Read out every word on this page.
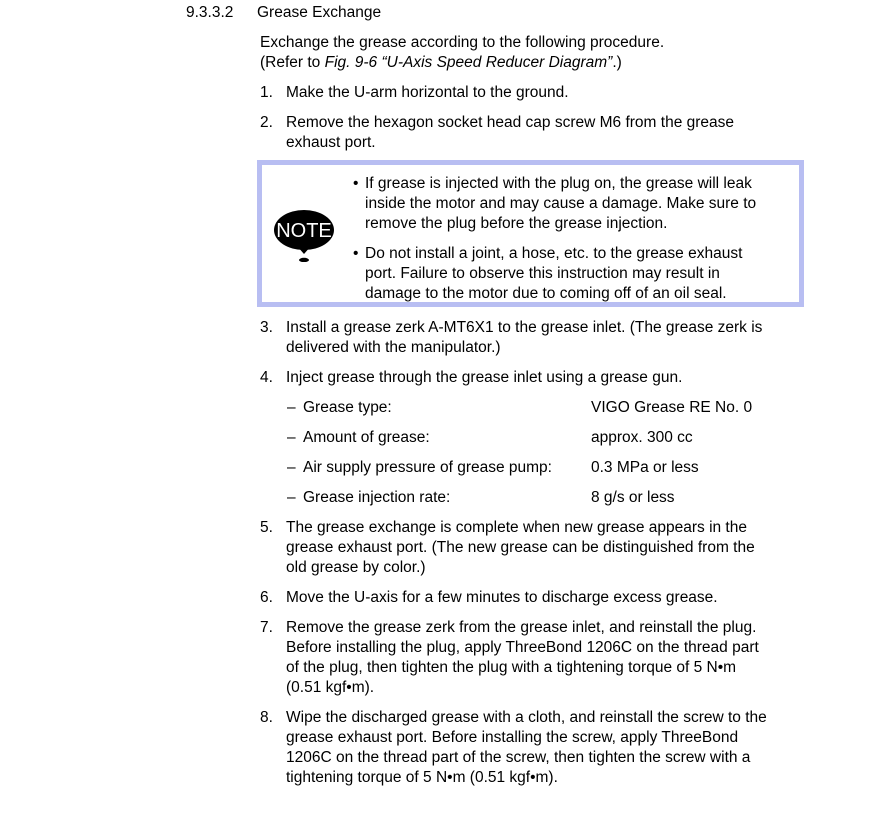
9.3.3.2 Grease Exchange
Exchange the grease according to the following procedure.
(Refer to Fig. 9-6 “U-Axis Speed Reducer Diagram”.)
1. Make the U-arm horizontal to the ground.
2. Remove the hexagon socket head cap screw M6 from the grease
exhaust port.
NOTE
• If grease is injected with the plug on, the grease will leak
inside the motor and may cause a damage. Make sure to
remove the plug before the grease injection.
• Do not install a joint, a hose, etc. to the grease exhaust
port. Failure to observe this instruction may result in
damage to the motor due to coming off of an oil seal.
3. Install a grease zerk A-MT6X1 to the grease inlet. (The grease zerk is
delivered with the manipulator.)
4. Inject grease through the grease inlet using a grease gun.
– Grease type:	VIGO Grease RE No. 0
– Amount of grease:	approx. 300 cc
– Air supply pressure of grease pump:	0.3 MPa or less
– Grease injection rate:	8 g/s or less
5. The grease exchange is complete when new grease appears in the
grease exhaust port. (The new grease can be distinguished from the
old grease by color.)
6. Move the U-axis for a few minutes to discharge excess grease.
7. Remove the grease zerk from the grease inlet, and reinstall the plug.
Before installing the plug, apply ThreeBond 1206C on the thread part
of the plug, then tighten the plug with a tightening torque of 5 N•m
(0.51 kgf•m).
8. Wipe the discharged grease with a cloth, and reinstall the screw to the
grease exhaust port. Before installing the screw, apply ThreeBond
1206C on the thread part of the screw, then tighten the screw with a
tightening torque of 5 N•m (0.51 kgf•m).
